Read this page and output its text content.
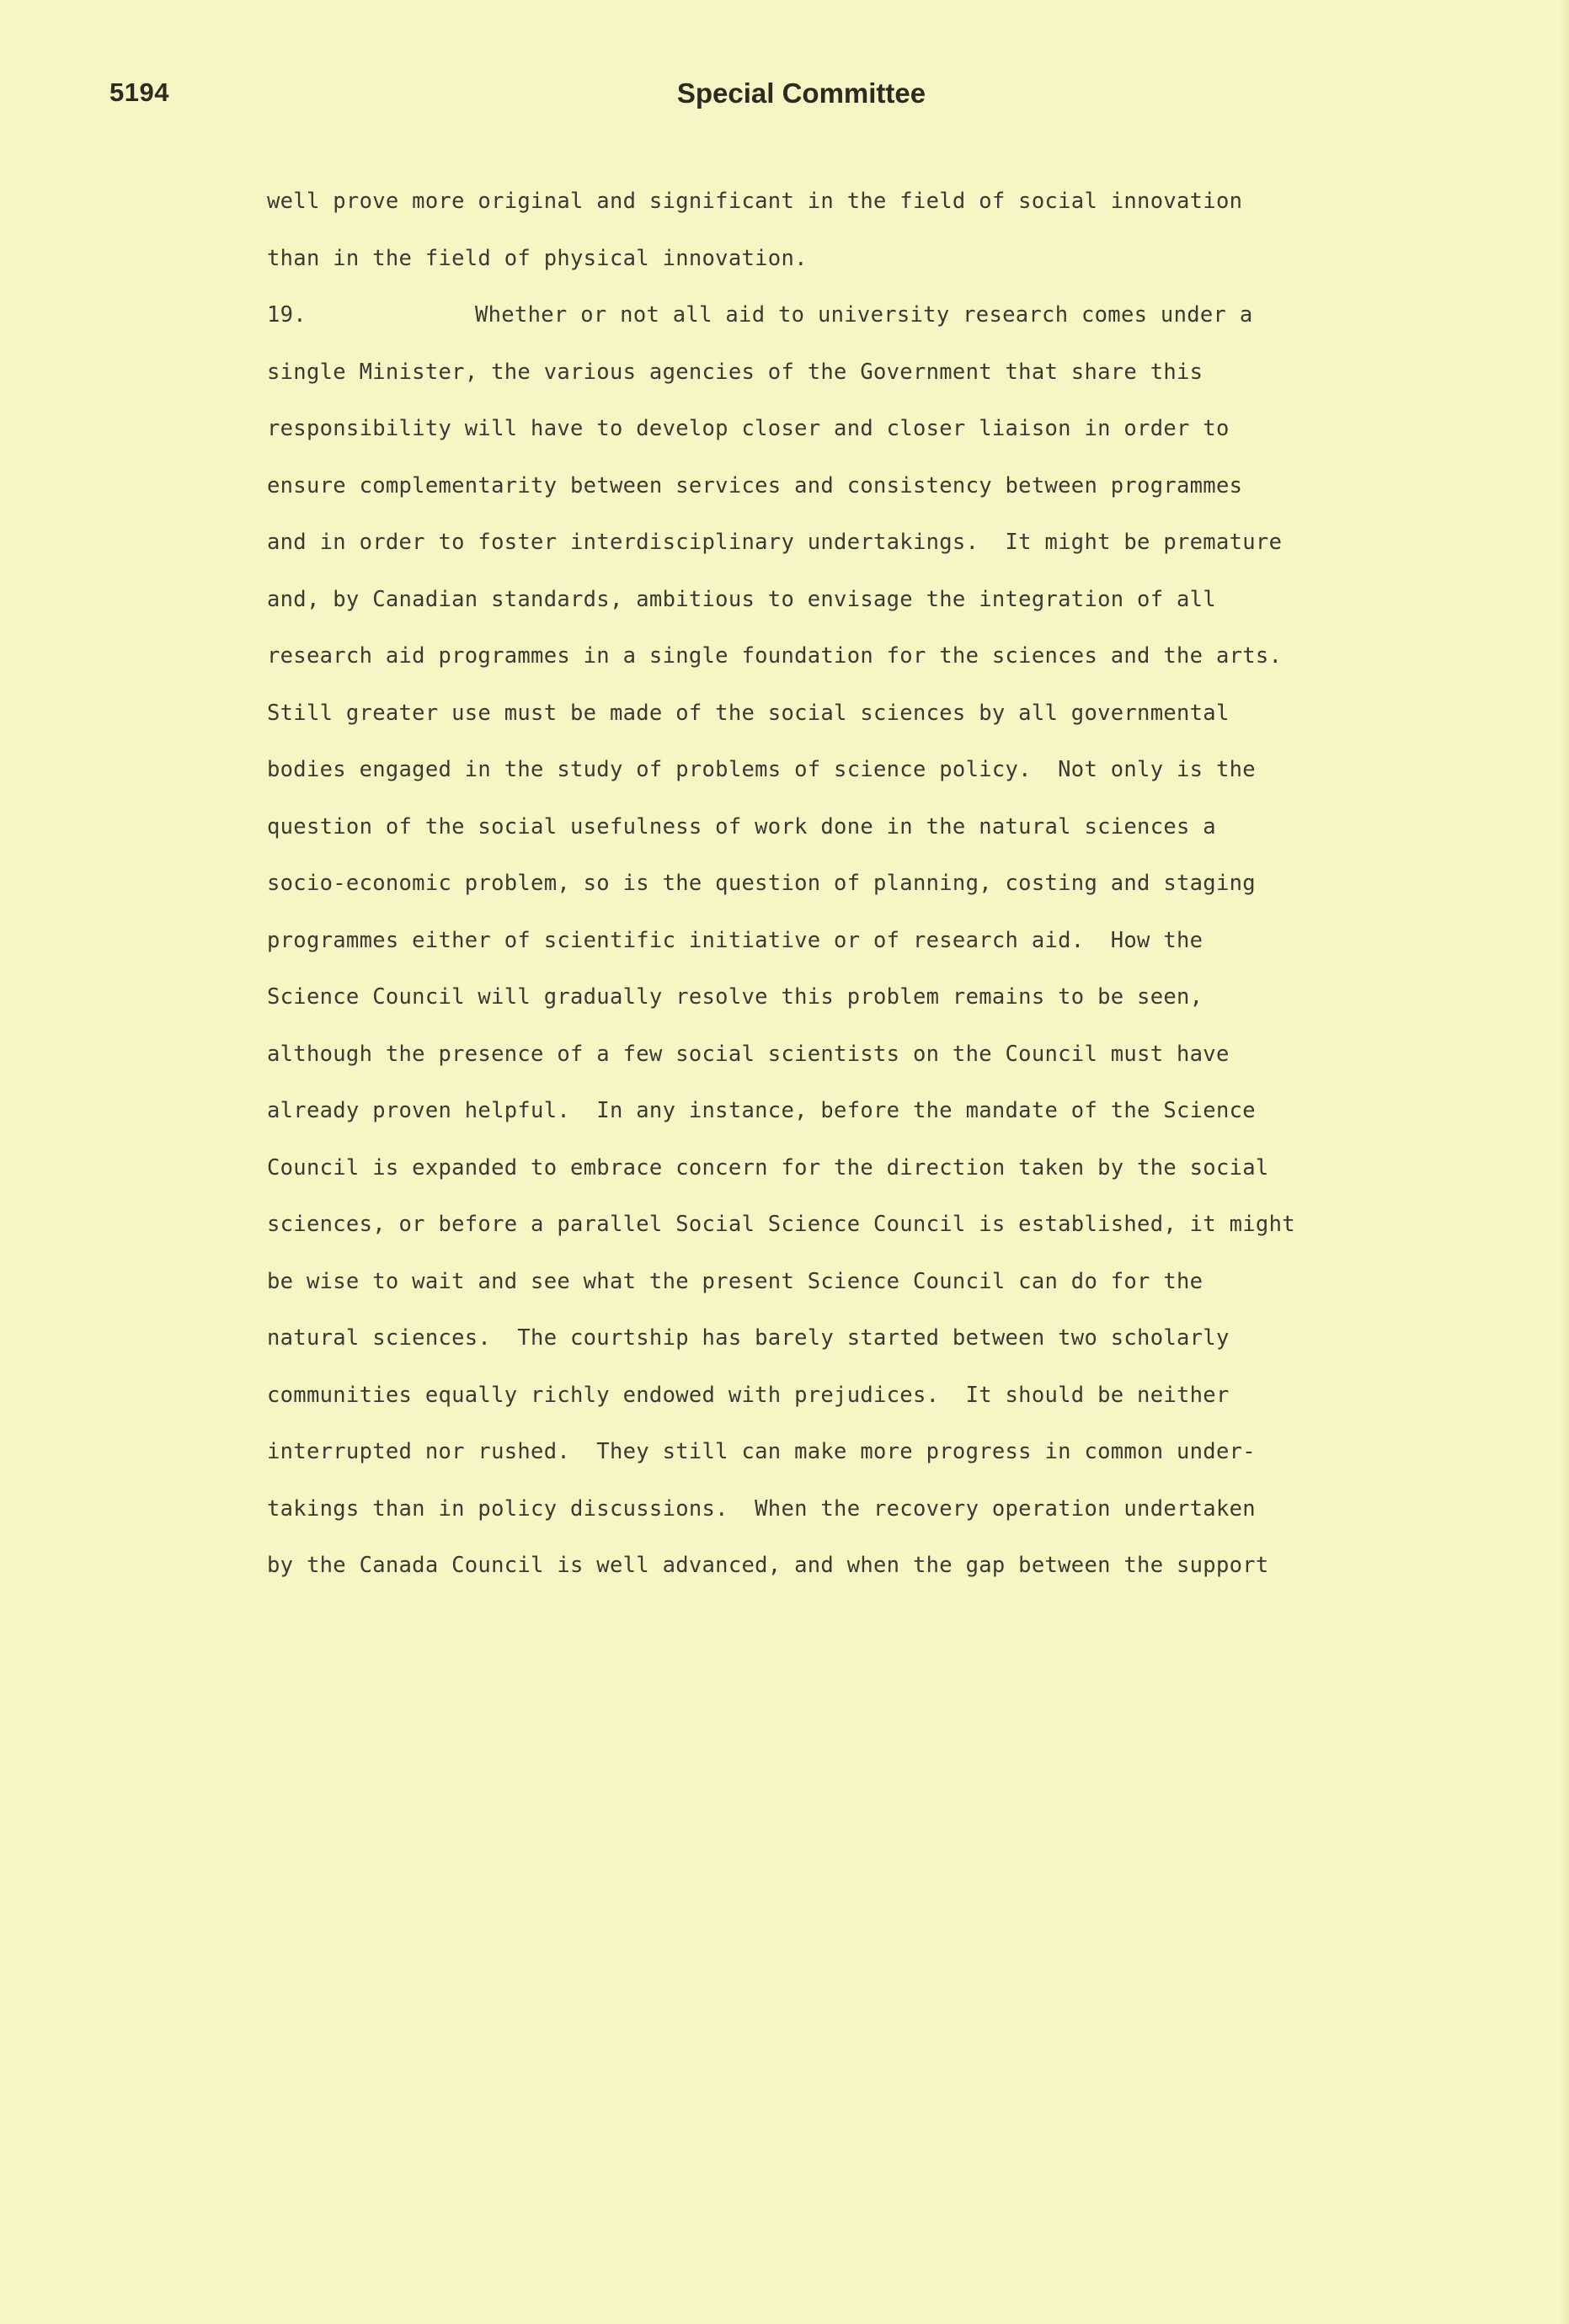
5194	Special Committee
well prove more original and significant in the field of social innovation
than in the field of physical innovation.
19.	Whether or not all aid to university research comes under a
single Minister, the various agencies of the Government that share this
responsibility will have to develop closer and closer liaison in order to
ensure complementarity between services and consistency between programmes
and in order to foster interdisciplinary undertakings.  It might be premature
and, by Canadian standards, ambitious to envisage the integration of all
research aid programmes in a single foundation for the sciences and the arts.
Still greater use must be made of the social sciences by all governmental
bodies engaged in the study of problems of science policy.  Not only is the
question of the social usefulness of work done in the natural sciences a
socio-economic problem, so is the question of planning, costing and staging
programmes either of scientific initiative or of research aid.  How the
Science Council will gradually resolve this problem remains to be seen,
although the presence of a few social scientists on the Council must have
already proven helpful.  In any instance, before the mandate of the Science
Council is expanded to embrace concern for the direction taken by the social
sciences, or before a parallel Social Science Council is established, it might
be wise to wait and see what the present Science Council can do for the
natural sciences.  The courtship has barely started between two scholarly
communities equally richly endowed with prejudices.  It should be neither
interrupted nor rushed.  They still can make more progress in common under-
takings than in policy discussions.  When the recovery operation undertaken
by the Canada Council is well advanced, and when the gap between the support
